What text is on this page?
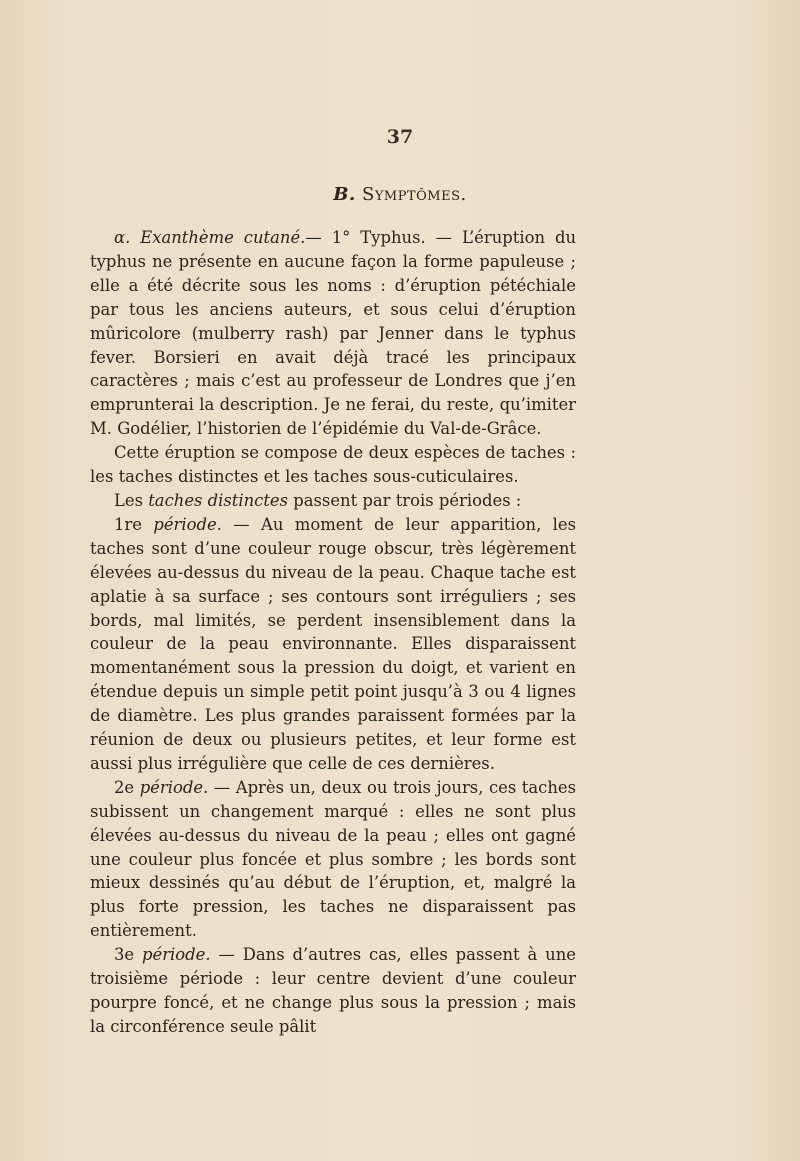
37
B. Symptômes.

α. Exanthème cutané.— 1° Typhus. — L’éruption du typhus ne présente en aucune façon la forme papuleuse ; elle a été décrite sous les noms : d’éruption pétéchiale par tous les anciens auteurs, et sous celui d’éruption mûricolore (mulberry rash) par Jenner dans le typhus fever. Borsieri en avait déjà tracé les principaux caractères ; mais c’est au professeur de Londres que j’en emprunterai la description. Je ne ferai, du reste, qu’imiter M. Godélier, l’historien de l’épidémie du Val-de-Grâce.

Cette éruption se compose de deux espèces de taches : les taches distinctes et les taches sous-cuticulaires.

Les taches distinctes passent par trois périodes :

1re période. — Au moment de leur apparition, les taches sont d’une couleur rouge obscur, très légèrement élevées au-dessus du niveau de la peau. Chaque tache est aplatie à sa surface ; ses contours sont irréguliers ; ses bords, mal limités, se perdent insensiblement dans la couleur de la peau environnante. Elles disparaissent momentanément sous la pression du doigt, et varient en étendue depuis un simple petit point jusqu’à 3 ou 4 lignes de diamètre. Les plus grandes paraissent formées par la réunion de deux ou plusieurs petites, et leur forme est aussi plus irrégulière que celle de ces dernières.

2e période. — Après un, deux ou trois jours, ces taches subissent un changement marqué : elles ne sont plus élevées au-dessus du niveau de la peau ; elles ont gagné une couleur plus foncée et plus sombre ; les bords sont mieux dessinés qu’au début de l’éruption, et, malgré la plus forte pression, les taches ne disparaissent pas entièrement.

3e période. — Dans d’autres cas, elles passent à une troisième période : leur centre devient d’une couleur pourpre foncé, et ne change plus sous la pression ; mais la circonférence seule pâlit
